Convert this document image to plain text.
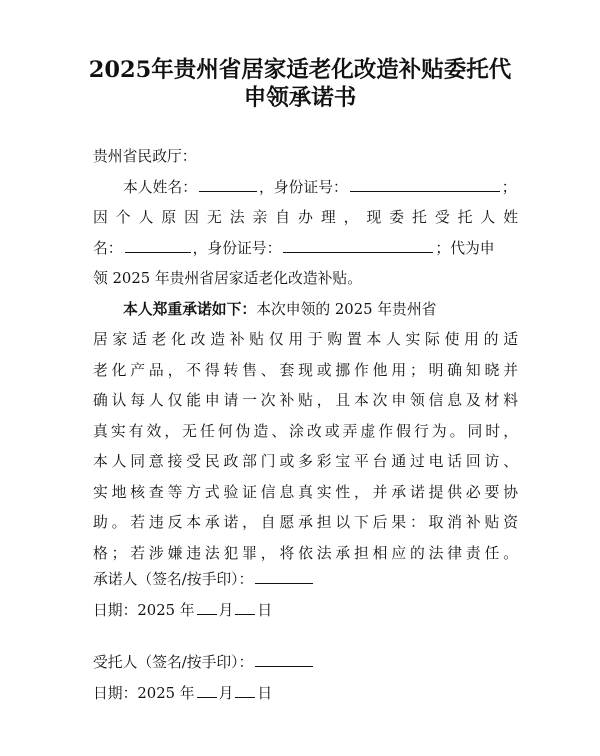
2025年贵州省居家适老化改造补贴委托代
申领承诺书
贵州省民政厅：
本人姓名：	，身份证号：	；
因个人原因无法亲自办理，现委托受托人姓
名：	，身份证号：	；代为申
领 2025 年贵州省居家适老化改造补贴。
本人郑重承诺如下：本次申领的 2025 年贵州省
居家适老化改造补贴仅用于购置本人实际使用的适
老化产品，不得转售、套现或挪作他用；明确知晓并
确认每人仅能申请一次补贴，且本次申领信息及材料
真实有效，无任何伪造、涂改或弄虚作假行为。同时，
本人同意接受民政部门或多彩宝平台通过电话回访、
实地核查等方式验证信息真实性，并承诺提供必要协
助。若违反本承诺，自愿承担以下后果：取消补贴资
格；若涉嫌违法犯罪，将依法承担相应的法律责任。
承诺人（签名/按手印）：
日期：2025 年 月 日
受托人（签名/按手印）：
日期：2025 年 月 日
